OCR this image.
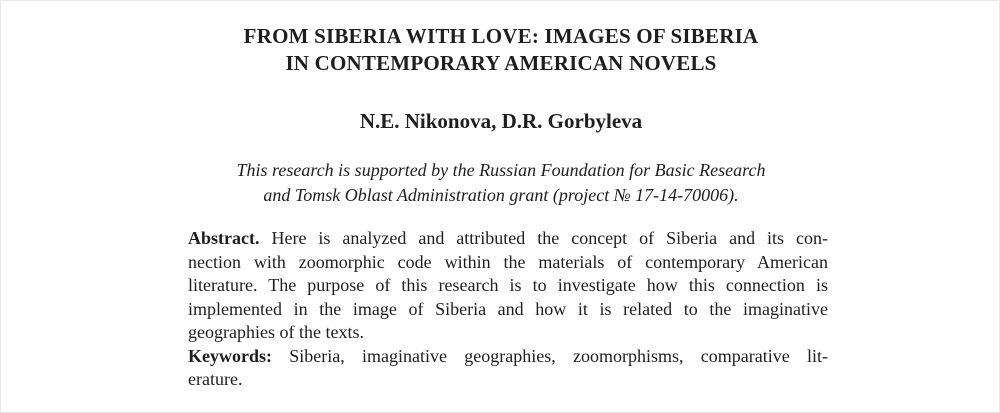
FROM SIBERIA WITH LOVE: IMAGES OF SIBERIA
IN CONTEMPORARY AMERICAN NOVELS
N.E. Nikonova, D.R. Gorbyleva
This research is supported by the Russian Foundation for Basic Research
and Tomsk Oblast Administration grant (project № 17-14-70006).
Abstract. Here is analyzed and attributed the concept of Siberia and its con-
nection with zoomorphic code within the materials of contemporary American
literature. The purpose of this research is to investigate how this connection is
implemented in the image of Siberia and how it is related to the imaginative
geographies of the texts.
Keywords: Siberia, imaginative geographies, zoomorphisms, comparative lit-
erature.
